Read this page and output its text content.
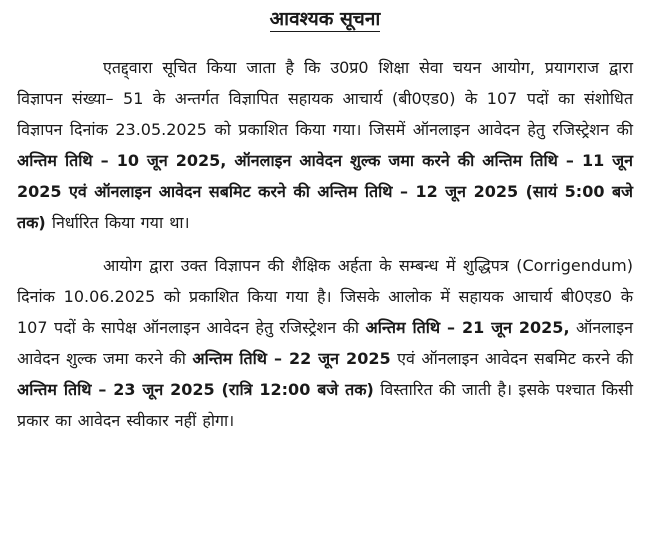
आवश्यक सूचना

एतद्द्वारा सूचित किया जाता है कि उ0प्र0 शिक्षा सेवा चयन आयोग, प्रयागराज द्वारा विज्ञापन संख्या– 51 के अन्तर्गत विज्ञापित सहायक आचार्य (बी0एड0) के 107 पदों का संशोधित विज्ञापन दिनांक 23.05.2025 को प्रकाशित किया गया। जिसमें ऑनलाइन आवेदन हेतु रजिस्ट्रेशन की अन्तिम तिथि – 10 जून 2025, ऑनलाइन आवेदन शुल्क जमा करने की अन्तिम तिथि – 11 जून 2025 एवं ऑनलाइन आवेदन सबमिट करने की अन्तिम तिथि – 12 जून 2025 (सायं 5:00 बजे तक) निर्धारित किया गया था।

आयोग द्वारा उक्त विज्ञापन की शैक्षिक अर्हता के सम्बन्ध में शुद्धिपत्र (Corrigendum) दिनांक 10.06.2025 को प्रकाशित किया गया है। जिसके आलोक में सहायक आचार्य बी0एड0 के 107 पदों के सापेक्ष ऑनलाइन आवेदन हेतु रजिस्ट्रेशन की अन्तिम तिथि – 21 जून 2025, ऑनलाइन आवेदन शुल्क जमा करने की अन्तिम तिथि – 22 जून 2025 एवं ऑनलाइन आवेदन सबमिट करने की अन्तिम तिथि – 23 जून 2025 (रात्रि 12:00 बजे तक) विस्तारित की जाती है। इसके पश्चात किसी प्रकार का आवेदन स्वीकार नहीं होगा।
